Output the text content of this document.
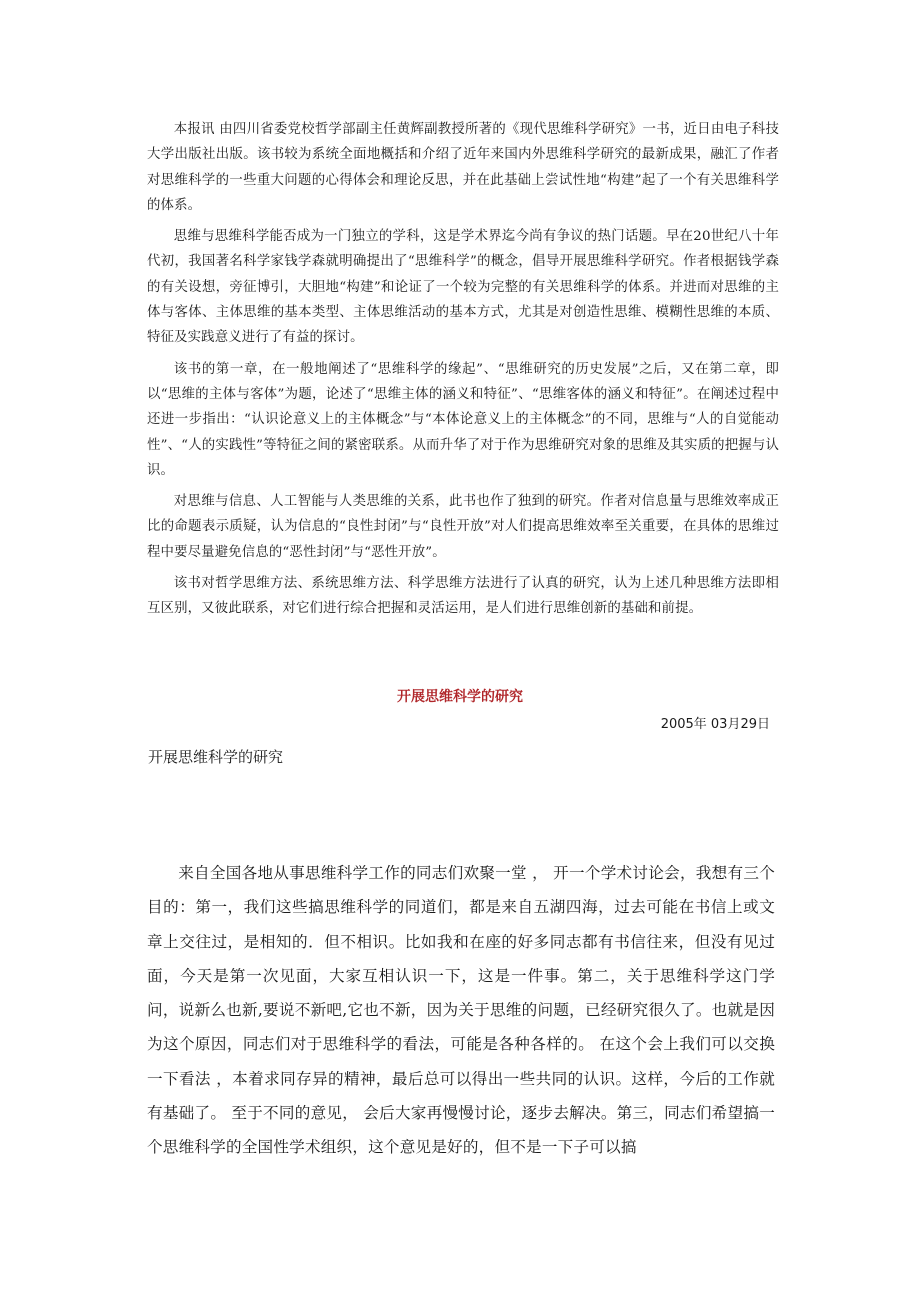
本报讯 由四川省委党校哲学部副主任黄辉副教授所著的《现代思维科学研究》一书，近日由电子科技大学出版社出版。该书较为系统全面地概括和介绍了近年来国内外思维科学研究的最新成果，融汇了作者对思维科学的一些重大问题的心得体会和理论反思，并在此基础上尝试性地“构建”起了一个有关思维科学的体系。

思维与思维科学能否成为一门独立的学科，这是学术界迄今尚有争议的热门话题。早在20世纪八十年代初，我国著名科学家钱学森就明确提出了“思维科学”的概念，倡导开展思维科学研究。作者根据钱学森的有关设想，旁征博引，大胆地“构建”和论证了一个较为完整的有关思维科学的体系。并进而对思维的主体与客体、主体思维的基本类型、主体思维活动的基本方式，尤其是对创造性思维、模糊性思维的本质、特征及实践意义进行了有益的探讨。

该书的第一章，在一般地阐述了“思维科学的缘起”、“思维研究的历史发展”之后，又在第二章，即以“思维的主体与客体”为题，论述了“思维主体的涵义和特征”、“思维客体的涵义和特征”。在阐述过程中还进一步指出：“认识论意义上的主体概念”与“本体论意义上的主体概念”的不同，思维与“人的自觉能动性”、“人的实践性”等特征之间的紧密联系。从而升华了对于作为思维研究对象的思维及其实质的把握与认识。

对思维与信息、人工智能与人类思维的关系，此书也作了独到的研究。作者对信息量与思维效率成正比的命题表示质疑，认为信息的“良性封闭”与“良性开放”对人们提高思维效率至关重要，在具体的思维过程中要尽量避免信息的“恶性封闭”与“恶性开放”。

该书对哲学思维方法、系统思维方法、科学思维方法进行了认真的研究，认为上述几种思维方法即相互区别，又彼此联系，对它们进行综合把握和灵活运用，是人们进行思维创新的基础和前提。

开展思维科学的研究
2005年 03月29日
开展思维科学的研究

来自全国各地从事思维科学工作的同志们欢聚一堂 ， 开一个学术讨论会，我想有三个目的：第一，我们这些搞思维科学的同道们，都是来自五湖四海，过去可能在书信上或文章上交往过，是相知的．但不相识。比如我和在座的好多同志都有书信往来，但没有见过面，今天是第一次见面，大家互相认识一下，这是一件事。第二，关于思维科学这门学问，说新么也新,要说不新吧,它也不新，因为关于思维的问题，已经研究很久了。也就是因为这个原因，同志们对于思维科学的看法，可能是各种各样的。 在这个会上我们可以交换一下看法 ，本着求同存异的精神，最后总可以得出一些共同的认识。这样，今后的工作就有基础了。 至于不同的意见， 会后大家再慢慢讨论，逐步去解决。第三，同志们希望搞一个思维科学的全国性学术组织，这个意见是好的，但不是一下子可以搞
